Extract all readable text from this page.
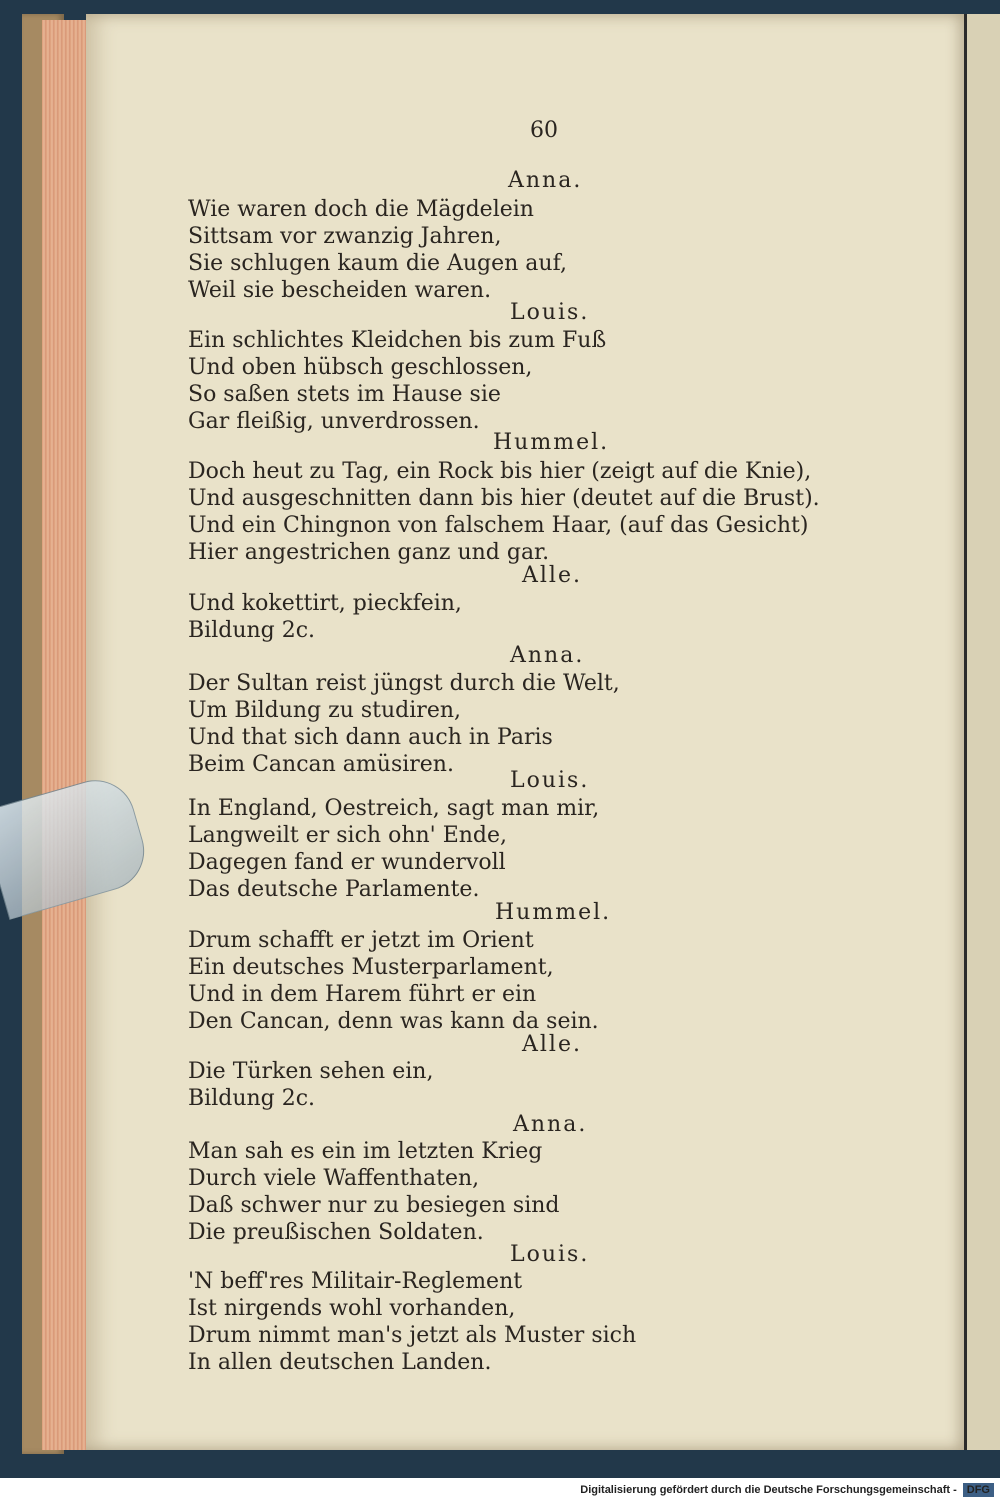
60
Anna.
Wie waren doch die Mägdelein
Sittsam vor zwanzig Jahren,
Sie schlugen kaum die Augen auf,
Weil sie bescheiden waren.
Louis.
Ein schlichtes Kleidchen bis zum Fuß
Und oben hübsch geschlossen,
So saßen stets im Hause sie
Gar fleißig, unverdrossen.
Hummel.
Doch heut zu Tag, ein Rock bis hier (zeigt auf die Knie),
Und ausgeschnitten dann bis hier (deutet auf die Brust).
Und ein Chingnon von falschem Haar, (auf das Gesicht)
Hier angestrichen ganz und gar.
Alle.
Und kokettirt, pieckfein,
Bildung 2c.
Anna.
Der Sultan reist jüngst durch die Welt,
Um Bildung zu studiren,
Und that sich dann auch in Paris
Beim Cancan amüsiren.
Louis.
In England, Oestreich, sagt man mir,
Langweilt er sich ohn' Ende,
Dagegen fand er wundervoll
Das deutsche Parlamente.
Hummel.
Drum schafft er jetzt im Orient
Ein deutsches Musterparlament,
Und in dem Harem führt er ein
Den Cancan, denn was kann da sein.
Alle.
Die Türken sehen ein,
Bildung 2c.
Anna.
Man sah es ein im letzten Krieg
Durch viele Waffenthaten,
Daß schwer nur zu besiegen sind
Die preußischen Soldaten.
Louis.
'N beff'res Militair-Reglement
Ist nirgends wohl vorhanden,
Drum nimmt man's jetzt als Muster sich
In allen deutschen Landen.
Digitalisierung gefördert durch die Deutsche Forschungsgemeinschaft - DFG
